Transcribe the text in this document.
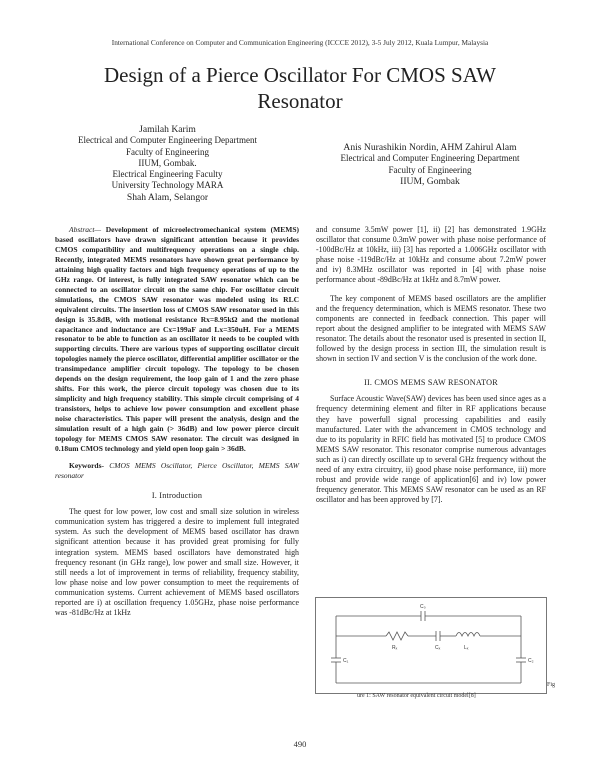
International Conference on Computer and Communication Engineering (ICCCE 2012), 3-5 July 2012, Kuala Lumpur, Malaysia
Design of a Pierce Oscillator For CMOS SAW
Resonator
Jamilah Karim
Electrical and Computer Engineering Department
Faculty of Engineering
IIUM, Gombak.
Electrical Engineering Faculty
University Technology MARA
Shah Alam, Selangor
Anis Nurashikin Nordin, AHM Zahirul Alam
Electrical and Computer Engineering Department
Faculty of Engineering
IIUM, Gombak

Abstract— Development of microelectromechanical system (MEMS) based oscillators have drawn significant attention because it provides CMOS compatibility and multifrequency operations on a single chip. Recently, integrated MEMS resonators have shown great performance by attaining high quality factors and high frequency operations of up to the GHz range. Of interest, is fully integrated SAW resonator which can be connected to an oscillator circuit on the same chip. For oscillator circuit simulations, the CMOS SAW resonator was modeled using its RLC equivalent circuits. The insertion loss of CMOS SAW resonator used in this design is 35.8dB, with motional resistance Rx=8.95kΩ and the motional capacitance and inductance are Cx=199aF and Lx=350uH. For a MEMS resonator to be able to function as an oscillator it needs to be coupled with supporting circuits. There are various types of supporting oscillator circuit topologies namely the pierce oscillator, differential amplifier oscillator or the transimpedance amplifier circuit topology. The topology to be chosen depends on the design requirement, the loop gain of 1 and the zero phase shifts. For this work, the pierce circuit topology was chosen due to its simplicity and high frequency stability. This simple circuit comprising of 4 transistors, helps to achieve low power consumption and excellent phase noise characteristics. This paper will present the analysis, design and the simulation result of a high gain (> 36dB) and low power pierce circuit topology for MEMS CMOS SAW resonator. The circuit was designed in 0.18um CMOS technology and yield open loop gain > 36dB.

Keywords- CMOS MEMS Oscillator, Pierce Oscillator, MEMS SAW resonator

I. Introduction

The quest for low power, low cost and small size solution in wireless communication system has triggered a desire to implement full integrated system. As such the development of MEMS based oscillator has drawn significant attention because it has provided great promising for fully integration system. MEMS based oscillators have demonstrated high frequency resonant (in GHz range), low power and small size. However, it still needs a lot of improvement in terms of reliability, frequency stability, low phase noise and low power consumption to meet the requirements of communication systems. Current achievement of MEMS based oscillators reported are i) at oscillation frequency 1.05GHz, phase noise performance was -81dBc/Hz at 1kHz

and consume 3.5mW power [1], ii) [2] has demonstrated 1.9GHz oscillator that consume 0.3mW power with phase noise performance of -100dBc/Hz at 10kHz, iii) [3] has reported a 1.006GHz oscillator with phase noise -119dBc/Hz at 10kHz and consume about 7.2mW power and iv) 8.3MHz oscillator was reported in [4] with phase noise performance about -89dBc/Hz at 1kHz and 8.7mW power.

The key component of MEMS based oscillators are the amplifier and the frequency determination, which is MEMS resonator. These two components are connected in feedback connection. This paper will report about the designed amplifier to be integrated with MEMS SAW resonator. The details about the resonator used is presented in section II, followed by the design process in section III, the simulation result is shown in section IV and section V is the conclusion of the work done.

II. CMOS MEMS SAW RESONATOR

Surface Acoustic Wave(SAW) devices has been used since ages as a frequency determining element and filter in RF applications because they have powerfull signal processing capabilities and easily manufactured. Later with the advancement in CMOS technology and due to its popularity in RFIC field has motivated [5] to produce CMOS MEMS SAW resonator. This resonator comprise numerous advantages such as i) can directly oscillate up to several GHz frequency without the need of any extra circuitry, ii) good phase noise performance, iii) more robust and provide wide range of application[6] and iv) low power frequency generator. This MEMS SAW resonator can be used as an RF oscillator and has been approved by [7].

C₀
Rₓ	Cₓ	Lₓ
C₁	C₂
Fig
ure 1: SAW resonator equivalent circuit model[8]
490
